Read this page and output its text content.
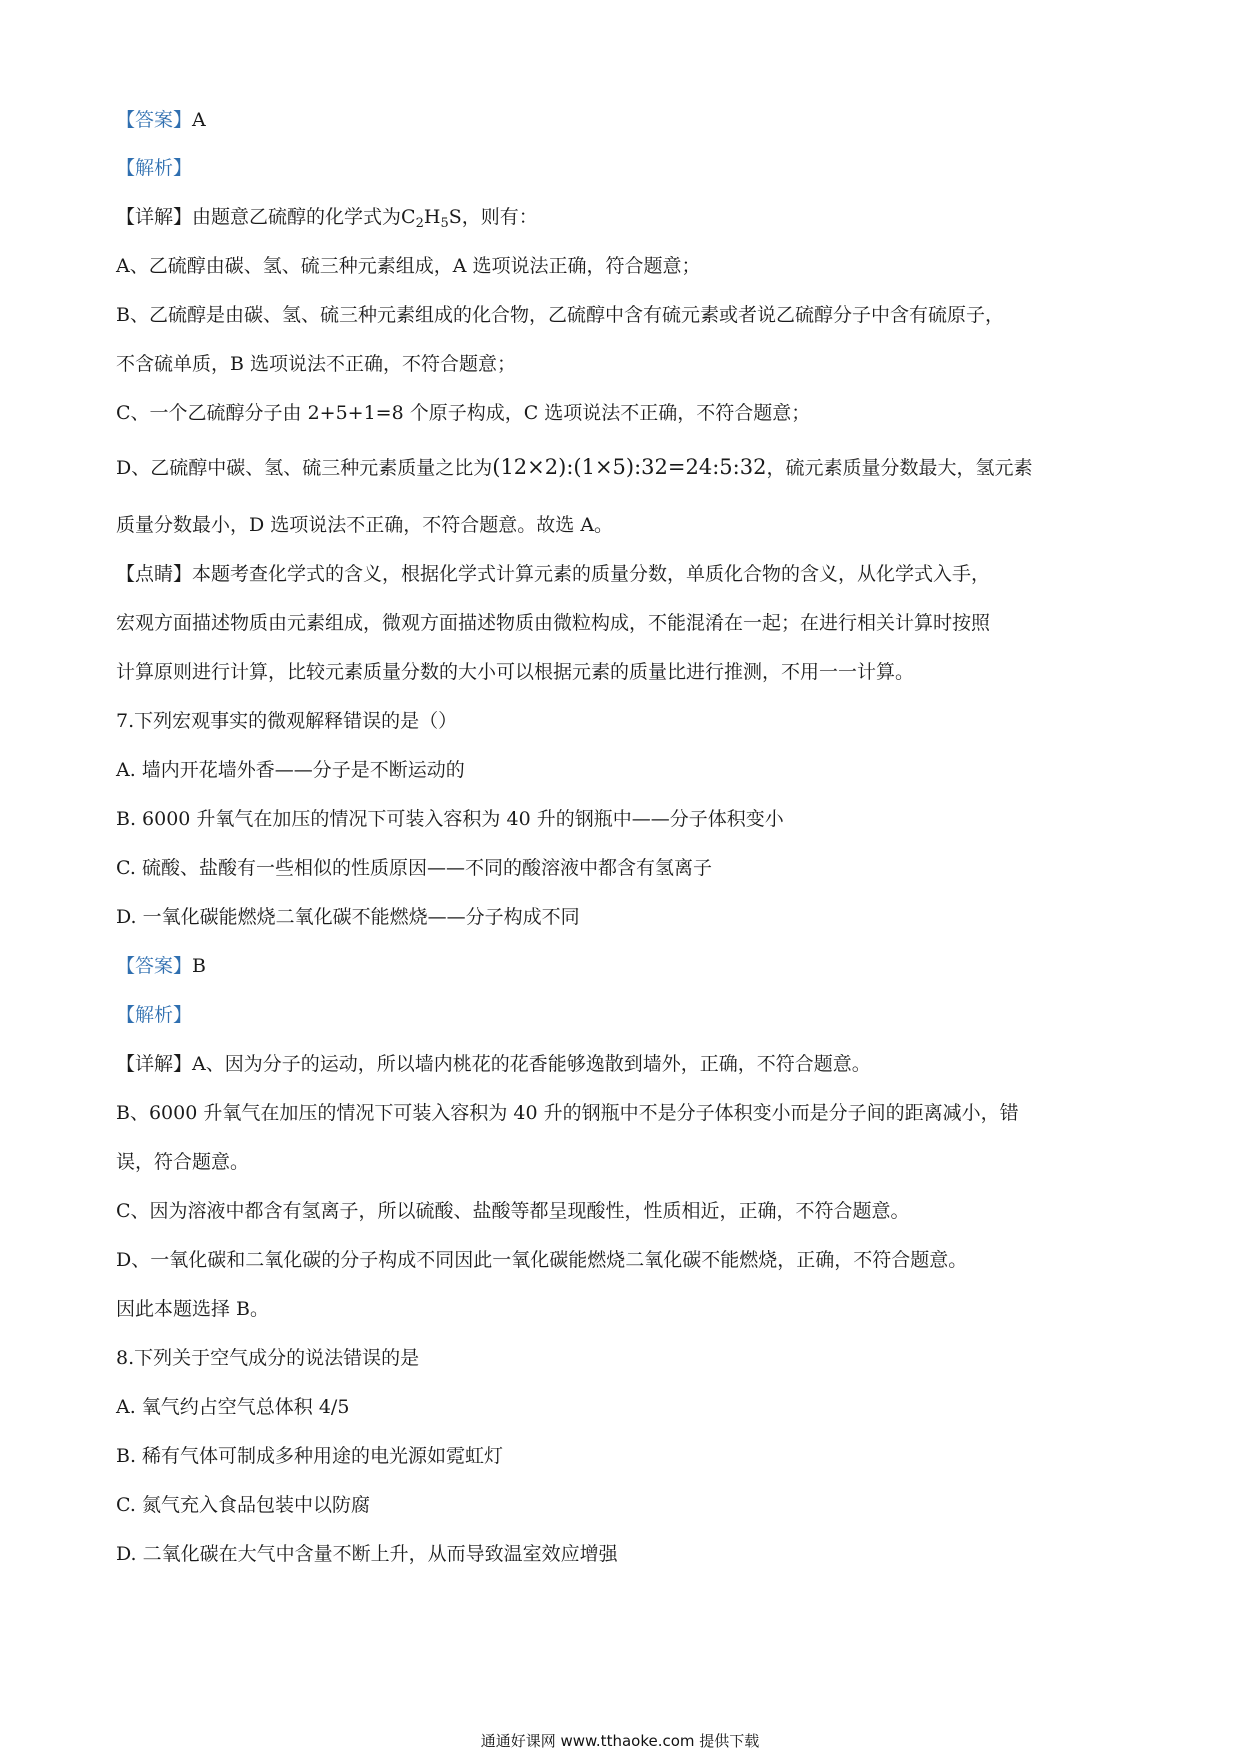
【答案】A
【解析】
【详解】由题意乙硫醇的化学式为$C_2H_5S$，则有：
A、乙硫醇由碳、氢、硫三种元素组成，A 选项说法正确，符合题意；
B、乙硫醇是由碳、氢、硫三种元素组成的化合物，乙硫醇中含有硫元素或者说乙硫醇分子中含有硫原子，
不含硫单质，B 选项说法不正确，不符合题意；
C、一个乙硫醇分子由 2+5+1=8 个原子构成，C 选项说法不正确，不符合题意；
D、乙硫醇中碳、氢、硫三种元素质量之比为(12×2):(1×5):32=24:5:32，硫元素质量分数最大，氢元素
质量分数最小，D 选项说法不正确，不符合题意。故选 A。
【点睛】本题考查化学式的含义，根据化学式计算元素的质量分数，单质化合物的含义，从化学式入手，
宏观方面描述物质由元素组成，微观方面描述物质由微粒构成，不能混淆在一起；在进行相关计算时按照
计算原则进行计算，比较元素质量分数的大小可以根据元素的质量比进行推测，不用一一计算。
7.下列宏观事实的微观解释错误的是（）
A. 墙内开花墙外香——分子是不断运动的
B. 6000 升氧气在加压的情况下可装入容积为 40 升的钢瓶中——分子体积变小
C. 硫酸、盐酸有一些相似的性质原因——不同的酸溶液中都含有氢离子
D. 一氧化碳能燃烧二氧化碳不能燃烧——分子构成不同
【答案】B
【解析】
【详解】A、因为分子的运动，所以墙内桃花的花香能够逸散到墙外，正确，不符合题意。
B、6000 升氧气在加压的情况下可装入容积为 40 升的钢瓶中不是分子体积变小而是分子间的距离减小，错
误，符合题意。
C、因为溶液中都含有氢离子，所以硫酸、盐酸等都呈现酸性，性质相近，正确，不符合题意。
D、一氧化碳和二氧化碳的分子构成不同因此一氧化碳能燃烧二氧化碳不能燃烧，正确，不符合题意。
因此本题选择 B。
8.下列关于空气成分的说法错误的是
A. 氧气约占空气总体积 4/5
B. 稀有气体可制成多种用途的电光源如霓虹灯
C. 氮气充入食品包装中以防腐
D. 二氧化碳在大气中含量不断上升，从而导致温室效应增强
通通好课网 www.tthaoke.com 提供下载
